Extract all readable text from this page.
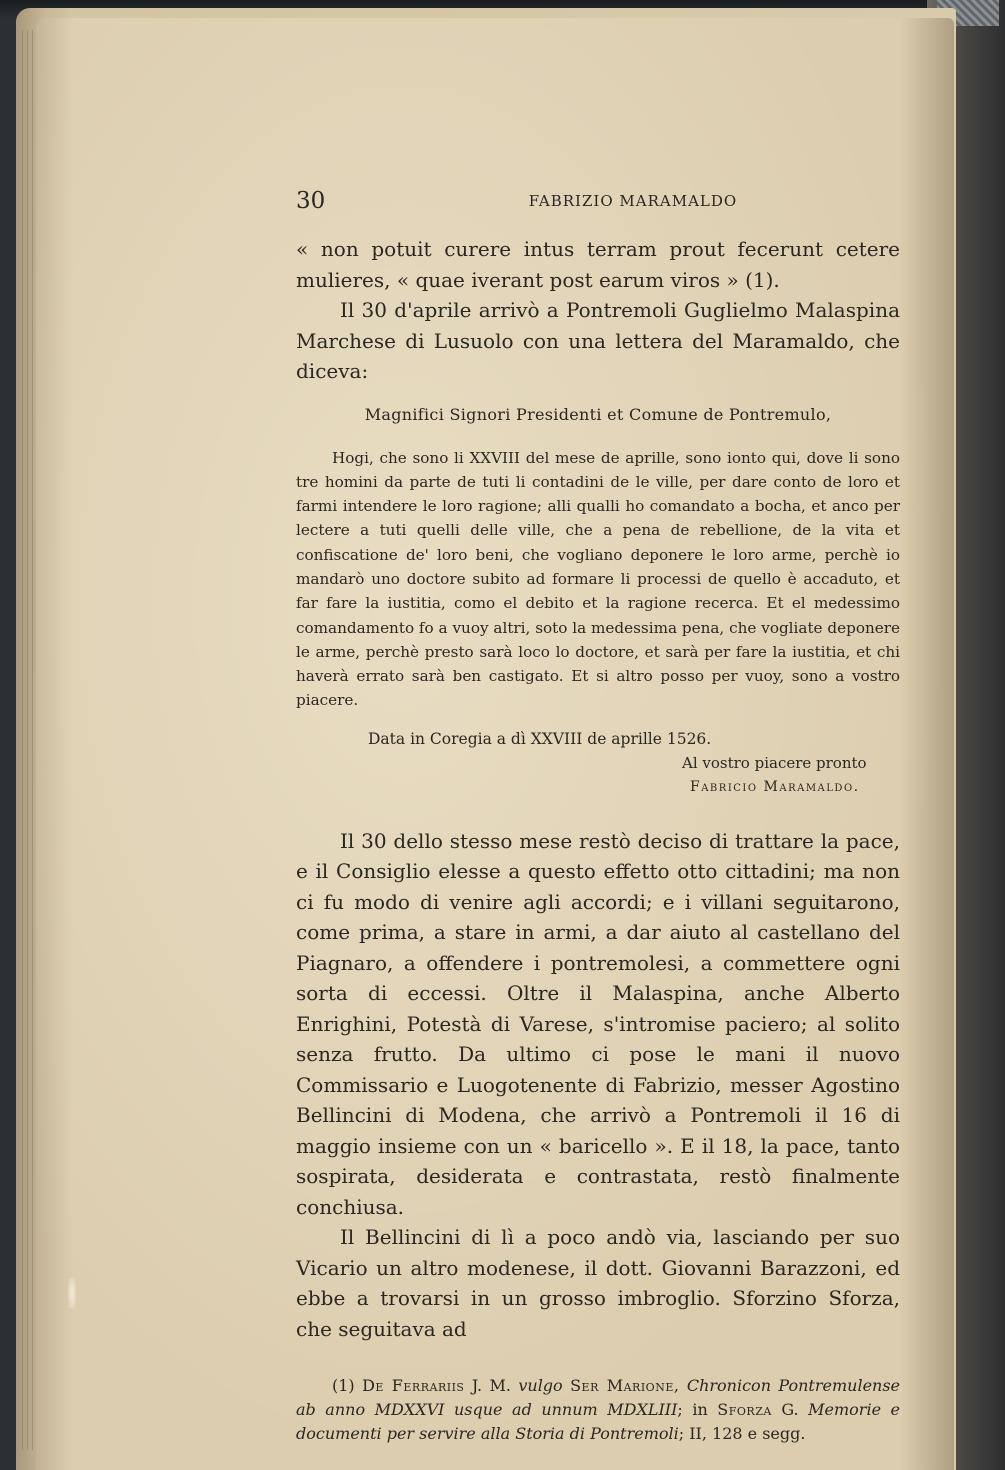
30	FABRIZIO MARAMALDO

« non potuit curere intus terram prout fecerunt cetere mulieres, « quae iverant post earum viros » (1).

Il 30 d'aprile arrivò a Pontremoli Guglielmo Malaspina Marchese di Lusuolo con una lettera del Maramaldo, che diceva:

Magnifici Signori Presidenti et Comune de Pontremulo,

Hogi, che sono li XXVIII del mese de aprille, sono ionto qui, dove li sono tre homini da parte de tuti li contadini de le ville, per dare conto de loro et farmi intendere le loro ragione; alli qualli ho comandato a bocha, et anco per lectere a tuti quelli delle ville, che a pena de rebellione, de la vita et confiscatione de' loro beni, che vogliano deponere le loro arme, perchè io mandarò uno doctore subito ad formare li processi de quello è accaduto, et far fare la iustitia, como el debito et la ragione recerca. Et el medessimo comandamento fo a vuoy altri, soto la medessima pena, che vogliate deponere le arme, perchè presto sarà loco lo doctore, et sarà per fare la iustitia, et chi haverà errato sarà ben castigato. Et si altro posso per vuoy, sono a vostro piacere.

Data in Coregia a dì XXVIII de aprille 1526.
Al vostro piacere pronto
Fabricio Maramaldo.

Il 30 dello stesso mese restò deciso di trattare la pace, e il Consiglio elesse a questo effetto otto cittadini; ma non ci fu modo di venire agli accordi; e i villani seguitarono, come prima, a stare in armi, a dar aiuto al castellano del Piagnaro, a offendere i pontremolesi, a commettere ogni sorta di eccessi. Oltre il Malaspina, anche Alberto Enrighini, Potestà di Varese, s'intromise paciero; al solito senza frutto. Da ultimo ci pose le mani il nuovo Commissario e Luogotenente di Fabrizio, messer Agostino Bellincini di Modena, che arrivò a Pontremoli il 16 di maggio insieme con un « baricello ». E il 18, la pace, tanto sospirata, desiderata e contrastata, restò finalmente conchiusa.

Il Bellincini di lì a poco andò via, lasciando per suo Vicario un altro modenese, il dott. Giovanni Barazzoni, ed ebbe a trovarsi in un grosso imbroglio. Sforzino Sforza, che seguitava ad

(1) De Ferrariis J. M. vulgo Ser Marione, Chronicon Pontremulense ab anno MDXXVI usque ad unnum MDXLIII; in Sforza G. Memorie e documenti per servire alla Storia di Pontremoli; II, 128 e segg.
